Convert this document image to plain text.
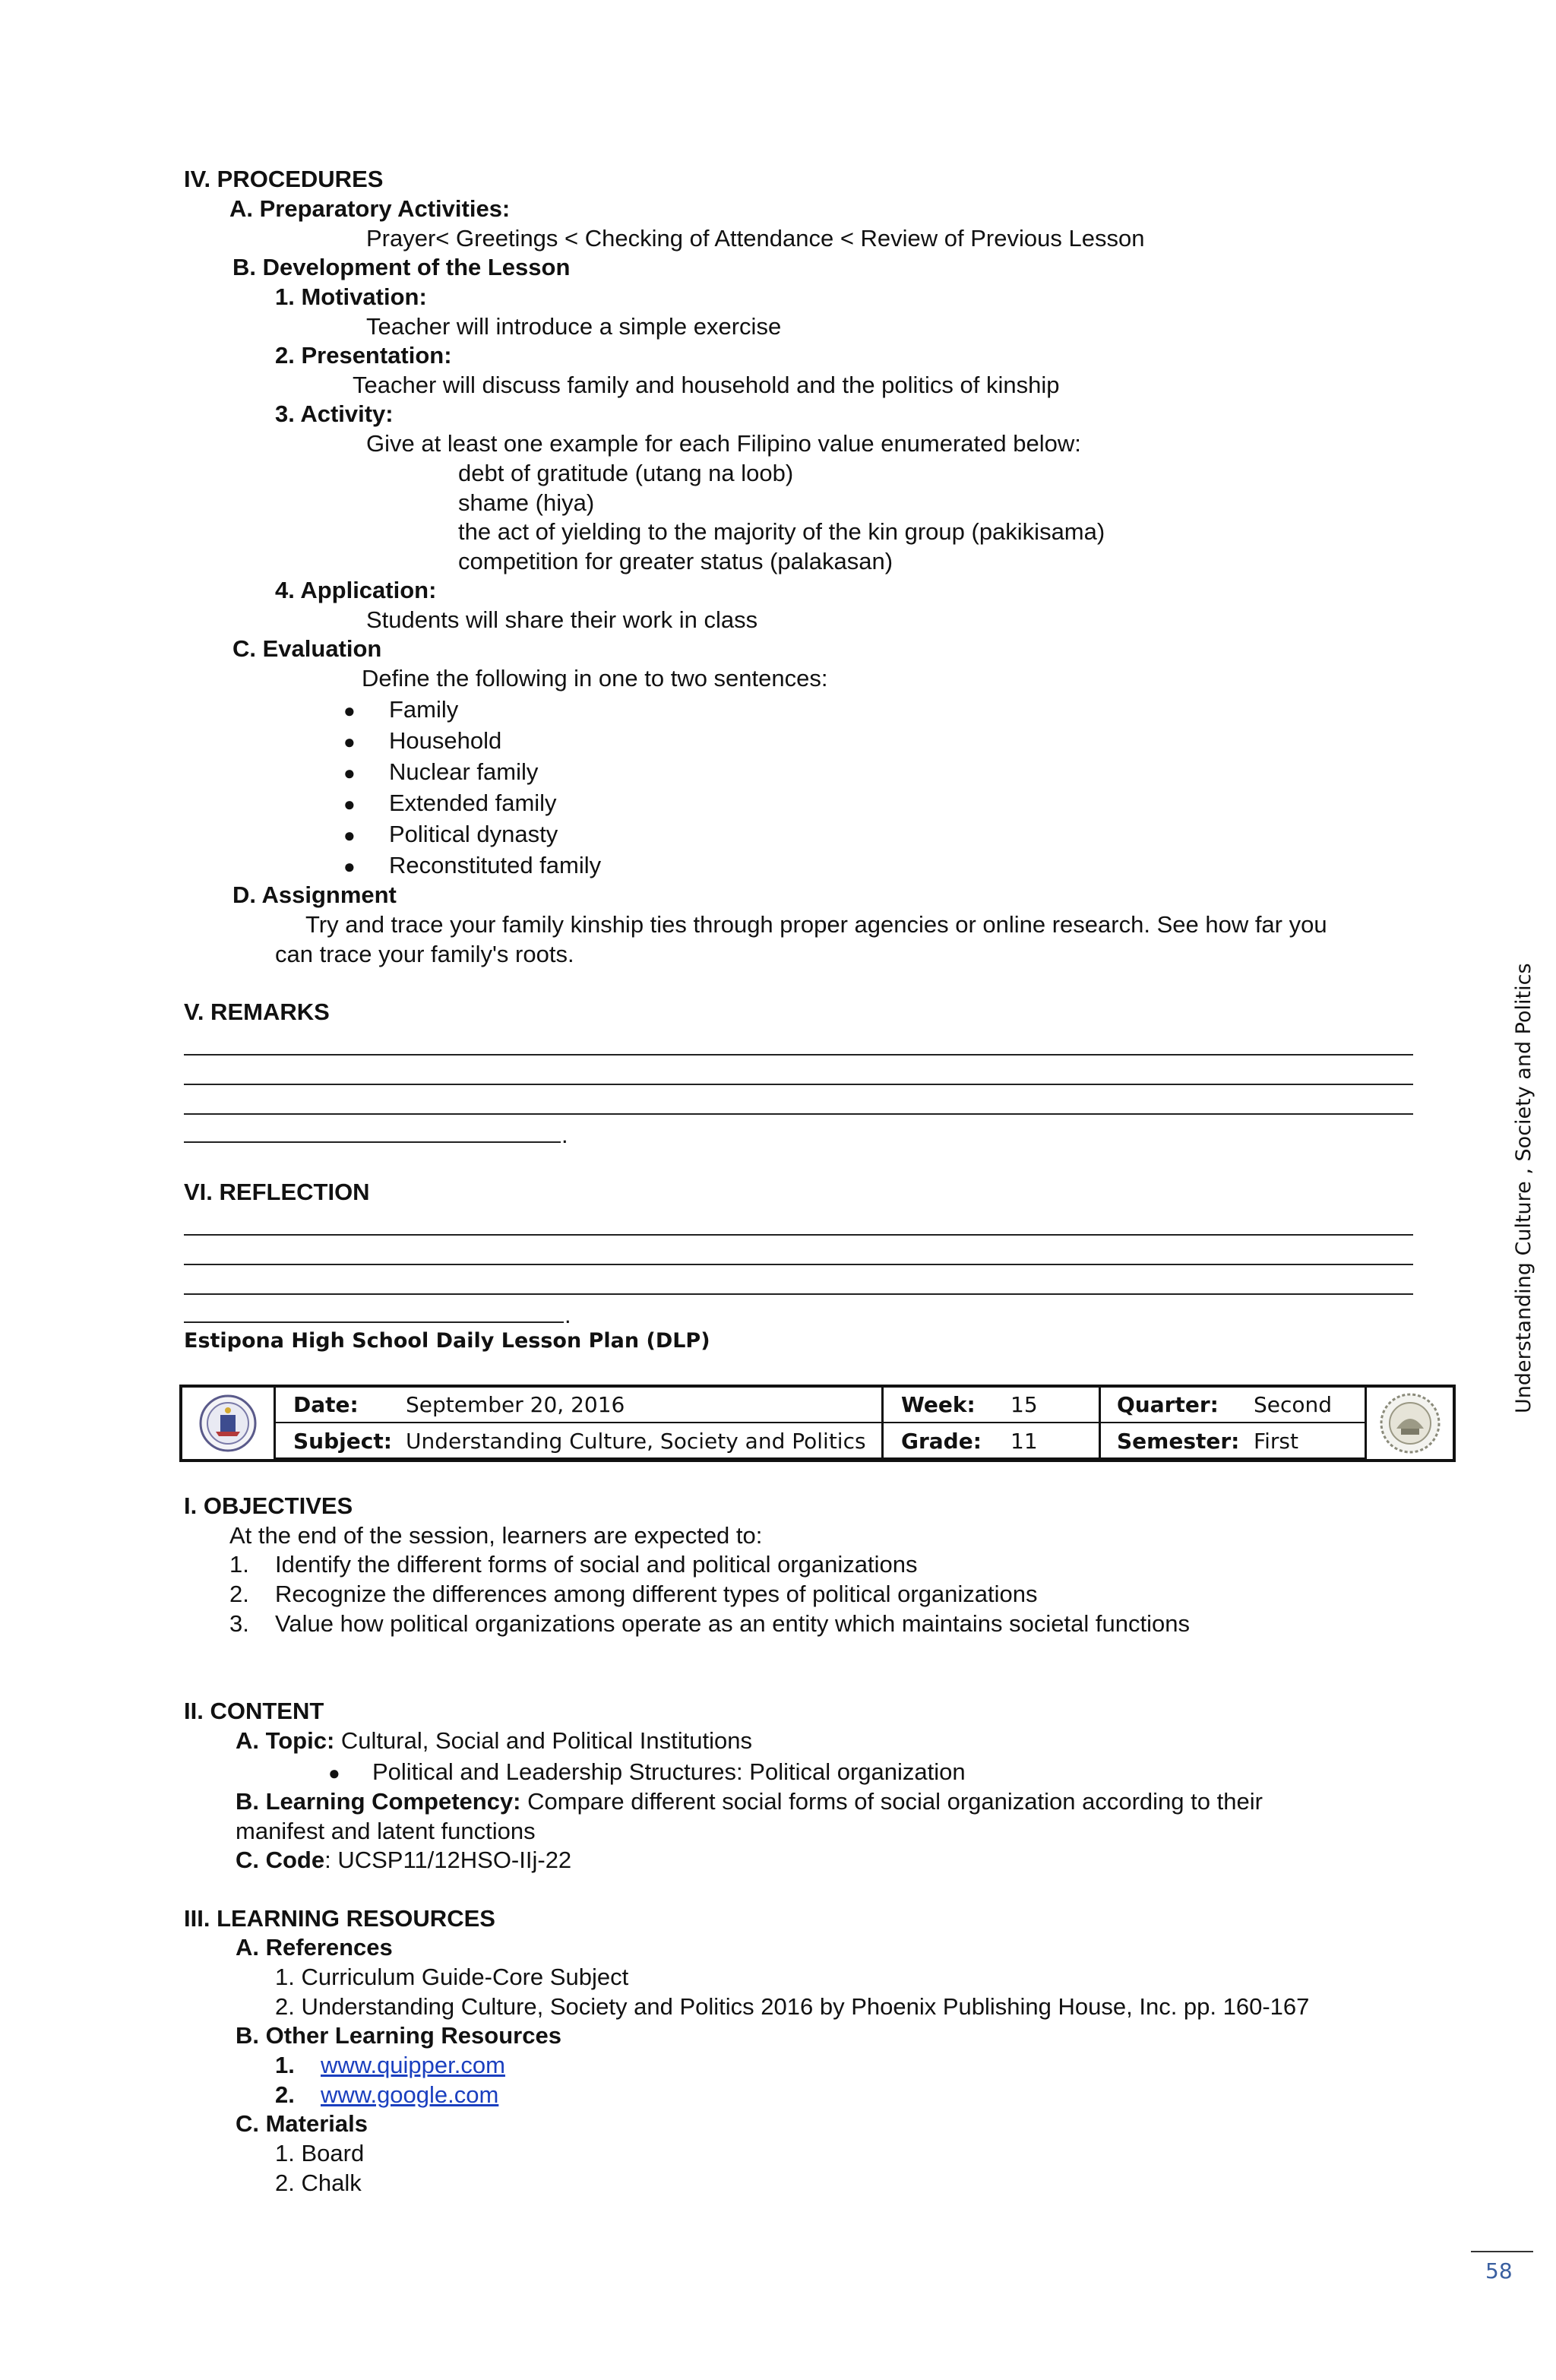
IV. PROCEDURES
A. Preparatory Activities:
Prayer< Greetings < Checking of Attendance < Review of Previous Lesson
B. Development of the Lesson
1. Motivation:
Teacher will introduce a simple exercise
2. Presentation:
Teacher will discuss family and household and the politics of kinship
3. Activity:
Give at least one example for each Filipino value enumerated below:
debt of gratitude (utang na loob)
shame (hiya)
the act of yielding to the majority of the kin group (pakikisama)
competition for greater status (palakasan)
4. Application:
Students will share their work in class
C. Evaluation
Define the following in one to two sentences:
● Family
● Household
● Nuclear family
● Extended family
● Political dynasty
● Reconstituted family
D. Assignment
Try and trace your family kinship ties through proper agencies or online research. See how far you
can trace your family's roots.
V. REMARKS
.
VI. REFLECTION
.
Estipona High School Daily Lesson Plan (DLP)
Date: September 20, 2016	Week: 15	Quarter: Second
Subject: Understanding Culture, Society and Politics Grade: 11	Semester: First
I. OBJECTIVES
At the end of the session, learners are expected to:
1. Identify the different forms of social and political organizations
2. Recognize the differences among different types of political organizations
3. Value how political organizations operate as an entity which maintains societal functions
II. CONTENT
A. Topic: Cultural, Social and Political Institutions
● Political and Leadership Structures: Political organization
B. Learning Competency: Compare different social forms of social organization according to their
manifest and latent functions
C. Code: UCSP11/12HSO-IIj-22
III. LEARNING RESOURCES
A. References
1. Curriculum Guide-Core Subject
2. Understanding Culture, Society and Politics 2016 by Phoenix Publishing House, Inc. pp. 160-167
B. Other Learning Resources
1. www.quipper.com
2. www.google.com
C. Materials
1. Board
2. Chalk
Understanding Culture , Society and Politics
58
